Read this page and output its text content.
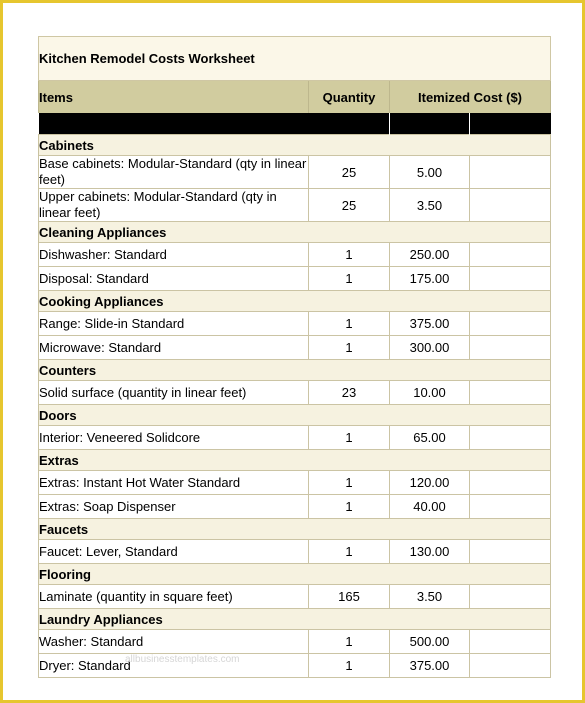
Kitchen Remodel Costs Worksheet			
Items	Quantity	Itemized Cost ($)	
		Estimated	Actual
Cabinets			
Base cabinets: Modular-Standard (qty in linear feet)	25	5.00	
Upper cabinets: Modular-Standard (qty in linear feet)	25	3.50	
Cleaning Appliances			
Dishwasher: Standard	1	250.00	
Disposal: Standard	1	175.00	
Cooking Appliances			
Range: Slide-in Standard	1	375.00	
Microwave: Standard	1	300.00	
Counters			
Solid surface (quantity in linear feet)	23	10.00	
Doors			
Interior: Veneered Solidcore	1	65.00	
Extras			
Extras: Instant Hot Water Standard	1	120.00	
Extras: Soap Dispenser	1	40.00	
Faucets			
Faucet: Lever, Standard	1	130.00	
Flooring			
Laminate (quantity in square feet)	165	3.50	
Laundry Appliances			
Washer: Standard	1	500.00	
Dryer: Standard	1	375.00	
allbusinesstemplates.com
